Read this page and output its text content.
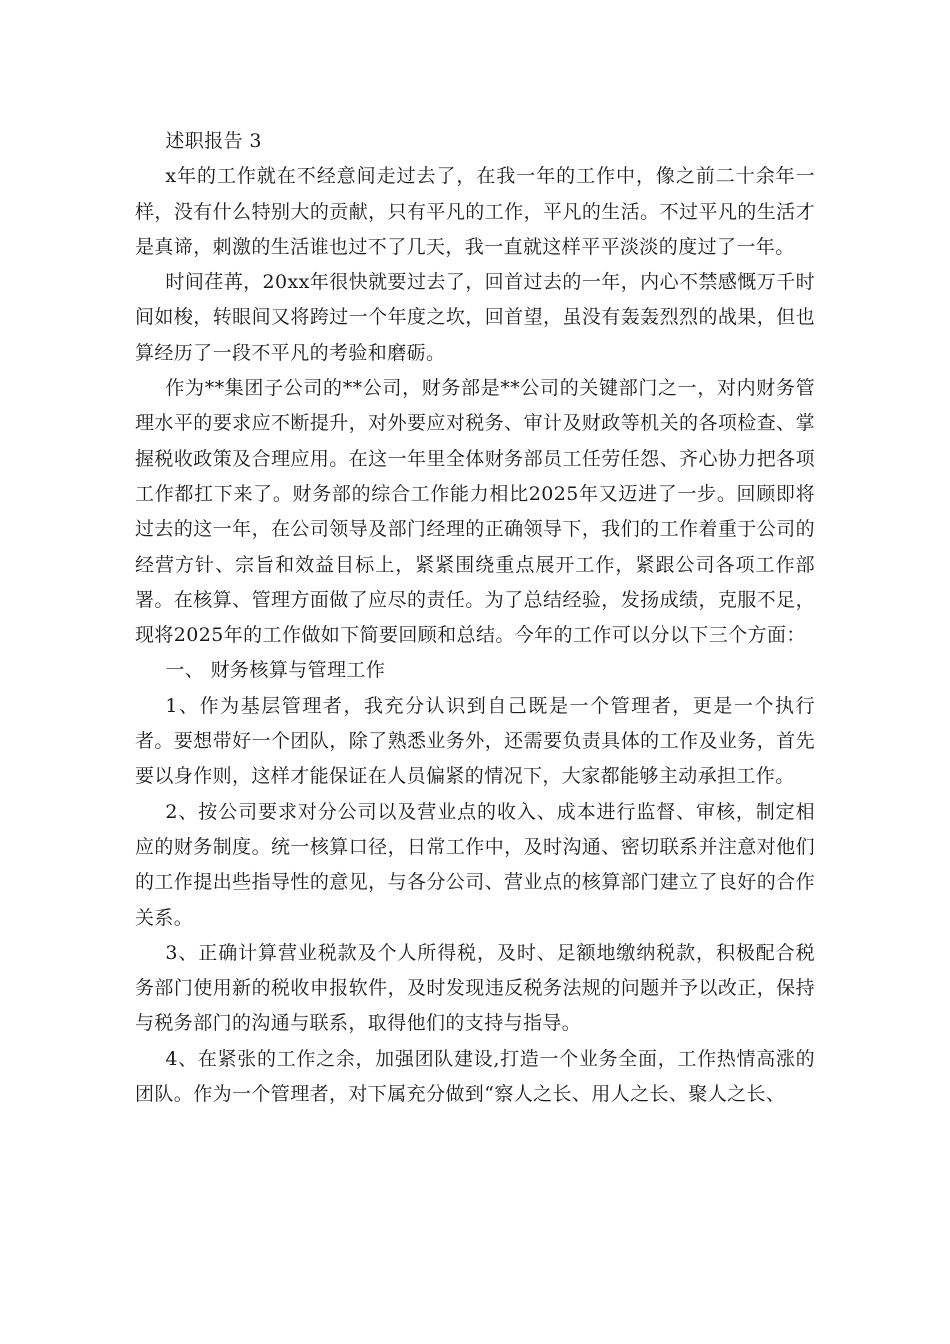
述职报告 3

x年的工作就在不经意间走过去了，在我一年的工作中，像之前二十余年一样，没有什么特别大的贡献，只有平凡的工作，平凡的生活。不过平凡的生活才是真谛，刺激的生活谁也过不了几天，我一直就这样平平淡淡的度过了一年。

时间荏苒，20xx年很快就要过去了，回首过去的一年，内心不禁感慨万千时间如梭，转眼间又将跨过一个年度之坎，回首望，虽没有轰轰烈烈的战果，但也算经历了一段不平凡的考验和磨砺。

作为**集团子公司的**公司，财务部是**公司的关键部门之一，对内财务管理水平的要求应不断提升，对外要应对税务、审计及财政等机关的各项检查、掌握税收政策及合理应用。在这一年里全体财务部员工任劳任怨、齐心协力把各项工作都扛下来了。财务部的综合工作能力相比2025年又迈进了一步。回顾即将过去的这一年，在公司领导及部门经理的正确领导下，我们的工作着重于公司的经营方针、宗旨和效益目标上，紧紧围绕重点展开工作，紧跟公司各项工作部署。在核算、管理方面做了应尽的责任。为了总结经验，发扬成绩，克服不足，现将2025年的工作做如下简要回顾和总结。今年的工作可以分以下三个方面：

一、 财务核算与管理工作

1、作为基层管理者，我充分认识到自己既是一个管理者，更是一个执行者。要想带好一个团队，除了熟悉业务外，还需要负责具体的工作及业务，首先要以身作则，这样才能保证在人员偏紧的情况下，大家都能够主动承担工作。

2、按公司要求对分公司以及营业点的收入、成本进行监督、审核，制定相应的财务制度。统一核算口径，日常工作中，及时沟通、密切联系并注意对他们的工作提出些指导性的意见，与各分公司、营业点的核算部门建立了良好的合作关系。

3、正确计算营业税款及个人所得税，及时、足额地缴纳税款，积极配合税务部门使用新的税收申报软件，及时发现违反税务法规的问题并予以改正，保持与税务部门的沟通与联系，取得他们的支持与指导。

4、在紧张的工作之余，加强团队建设,打造一个业务全面，工作热情高涨的团队。作为一个管理者，对下属充分做到“察人之长、用人之长、聚人之长、
